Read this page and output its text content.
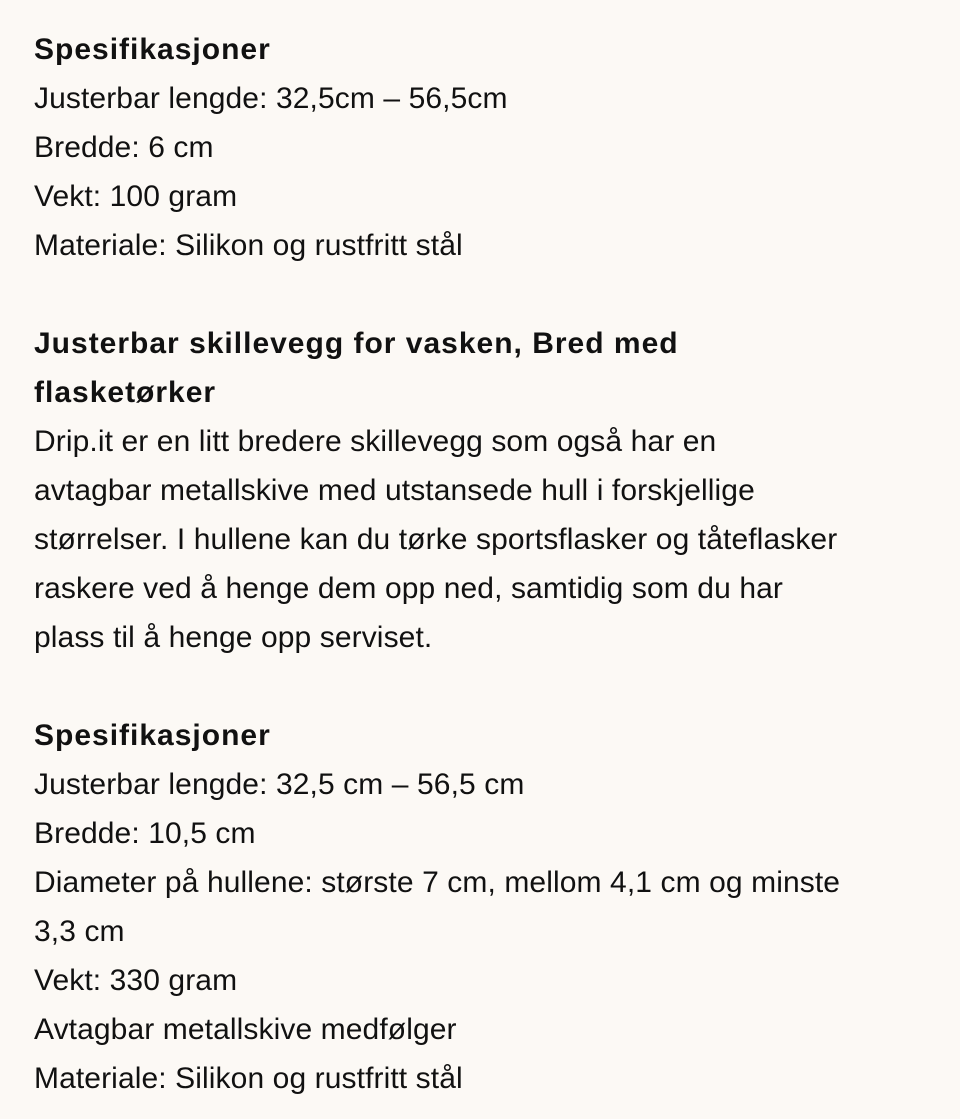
Spesifikasjoner
Justerbar lengde: 32,5cm – 56,5cm
Bredde: 6 cm
Vekt: 100 gram
Materiale: Silikon og rustfritt stål
Justerbar skillevegg for vasken, Bred med
flasketørker
Drip.it er en litt bredere skillevegg som også har en
avtagbar metallskive med utstansede hull i forskjellige
størrelser. I hullene kan du tørke sportsflasker og tåteflasker
raskere ved å henge dem opp ned, samtidig som du har
plass til å henge opp serviset.
Spesifikasjoner
Justerbar lengde: 32,5 cm – 56,5 cm
Bredde: 10,5 cm
Diameter på hullene: største 7 cm, mellom 4,1 cm og minste
3,3 cm
Vekt: 330 gram
Avtagbar metallskive medfølger
Materiale: Silikon og rustfritt stål
